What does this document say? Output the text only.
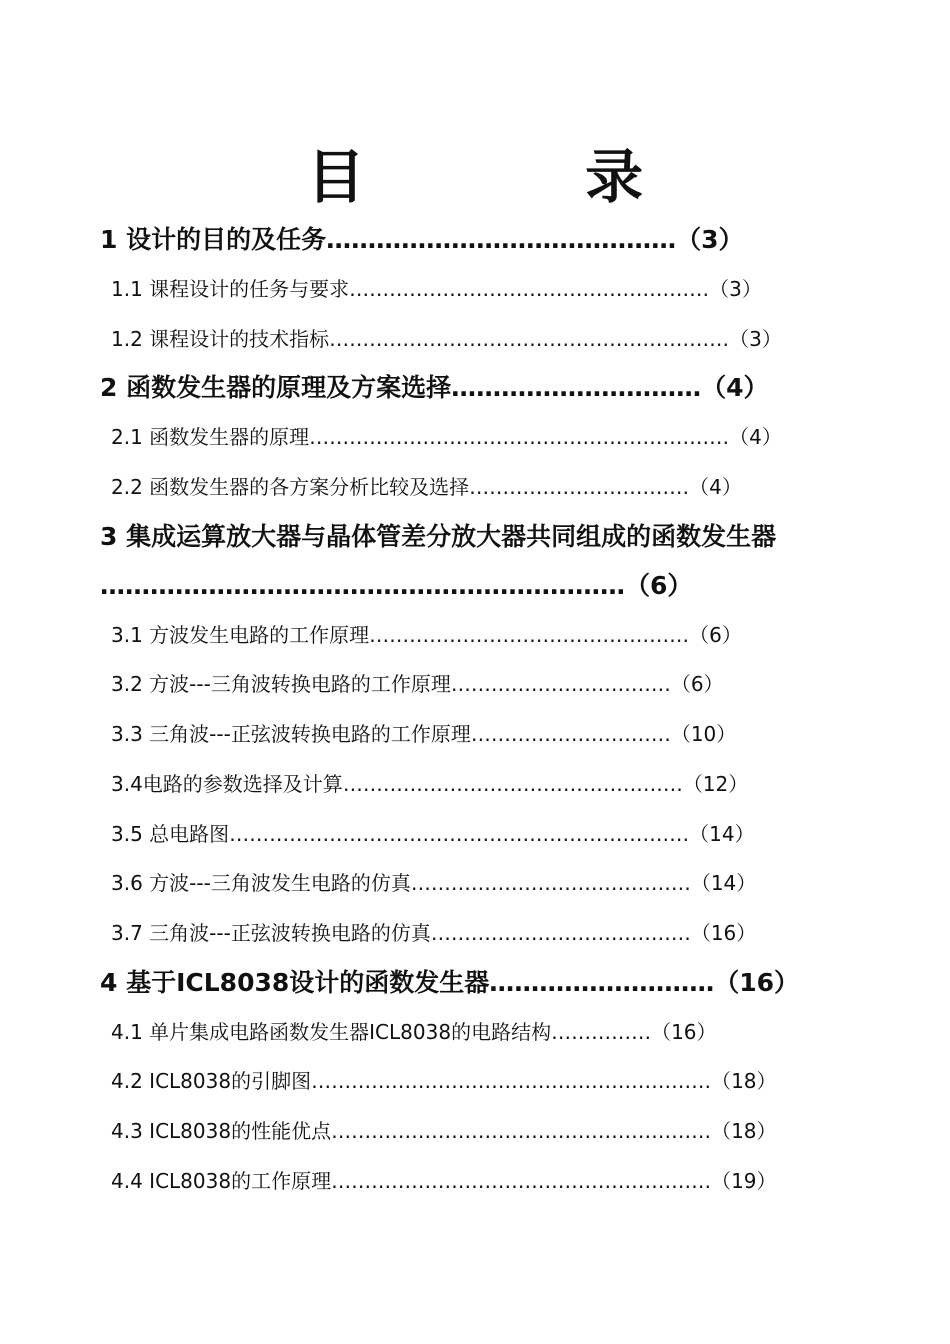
目 录
1 设计的目的及任务……………………………………（3）
1.1 课程设计的任务与要求………………………………………………（3）
1.2 课程设计的技术指标……………………………………………………（3）
2 函数发生器的原理及方案选择…………………………（4）
2.1 函数发生器的原理………………………………………………………（4）
2.2 函数发生器的各方案分析比较及选择……………………………（4）
3 集成运算放大器与晶体管差分放大器共同组成的函数发生器
………………………………………………………（6）
3.1 方波发生电路的工作原理…………………………………………（6）
3.2 方波---三角波转换电路的工作原理……………………………（6）
3.3 三角波---正弦波转换电路的工作原理…………………………（10）
3.4电路的参数选择及计算……………………………………………（12）
3.5 总电路图……………………………………………………………（14）
3.6 方波---三角波发生电路的仿真……………………………………（14）
3.7 三角波---正弦波转换电路的仿真…………………………………（16）
4 基于ICL8038设计的函数发生器………………………（16）
4.1 单片集成电路函数发生器ICL8038的电路结构……………（16）
4.2 ICL8038的引脚图……………………………………………………（18）
4.3 ICL8038的性能优点…………………………………………………（18）
4.4 ICL8038的工作原理…………………………………………………（19）
